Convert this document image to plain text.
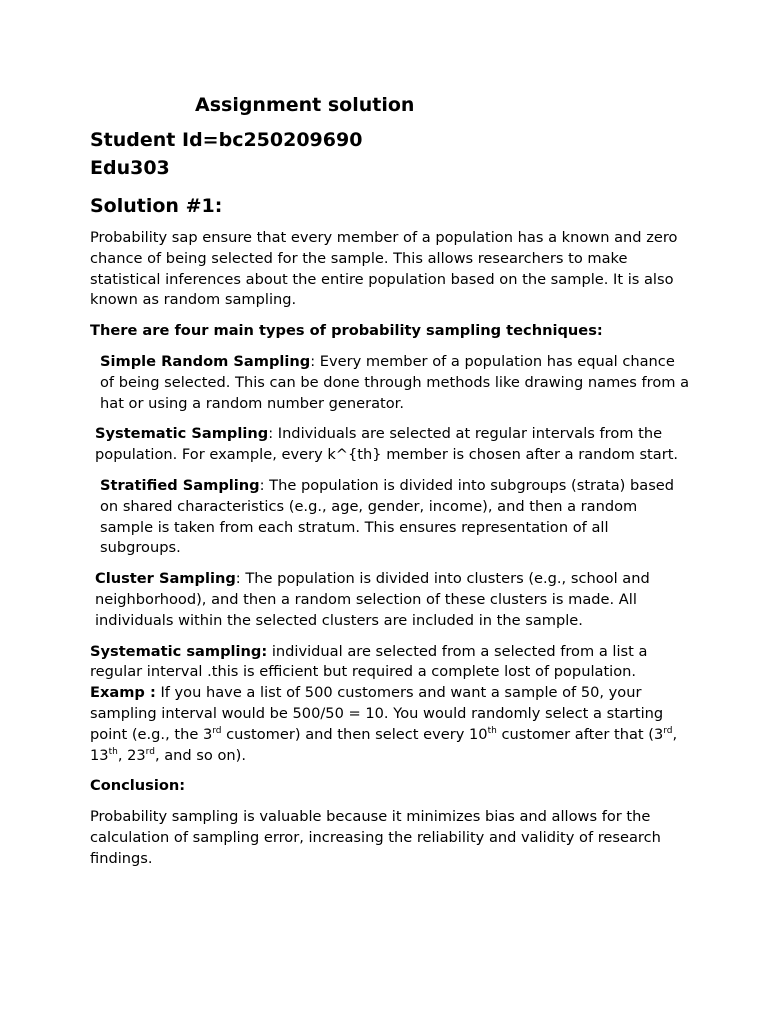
Assignment solution
Student Id=bc250209690
Edu303
Solution #1:

Probability sap ensure that every member of a population has a known and zero chance of being selected for the sample. This allows researchers to make statistical inferences about the entire population based on the sample. It is also known as random sampling.

There are four main types of probability sampling techniques:

Simple Random Sampling: Every member of a population has equal chance of being selected. This can be done through methods like drawing names from a hat or using a random number generator.

Systematic Sampling: Individuals are selected at regular intervals from the population. For example, every k^{th} member is chosen after a random start.

Stratified Sampling: The population is divided into subgroups (strata) based on shared characteristics (e.g., age, gender, income), and then a random sample is taken from each stratum. This ensures representation of all subgroups.

Cluster Sampling: The population is divided into clusters (e.g., school and neighborhood), and then a random selection of these clusters is made. All individuals within the selected clusters are included in the sample.

Systematic sampling: individual are selected from a selected from a list a regular interval .this is efficient but required a complete lost of population.
Examp : If you have a list of 500 customers and want a sample of 50, your sampling interval would be 500/50 = 10. You would randomly select a starting point (e.g., the 3rd customer) and then select every 10th customer after that (3rd, 13th, 23rd, and so on).

Conclusion:

Probability sampling is valuable because it minimizes bias and allows for the calculation of sampling error, increasing the reliability and validity of research findings.
